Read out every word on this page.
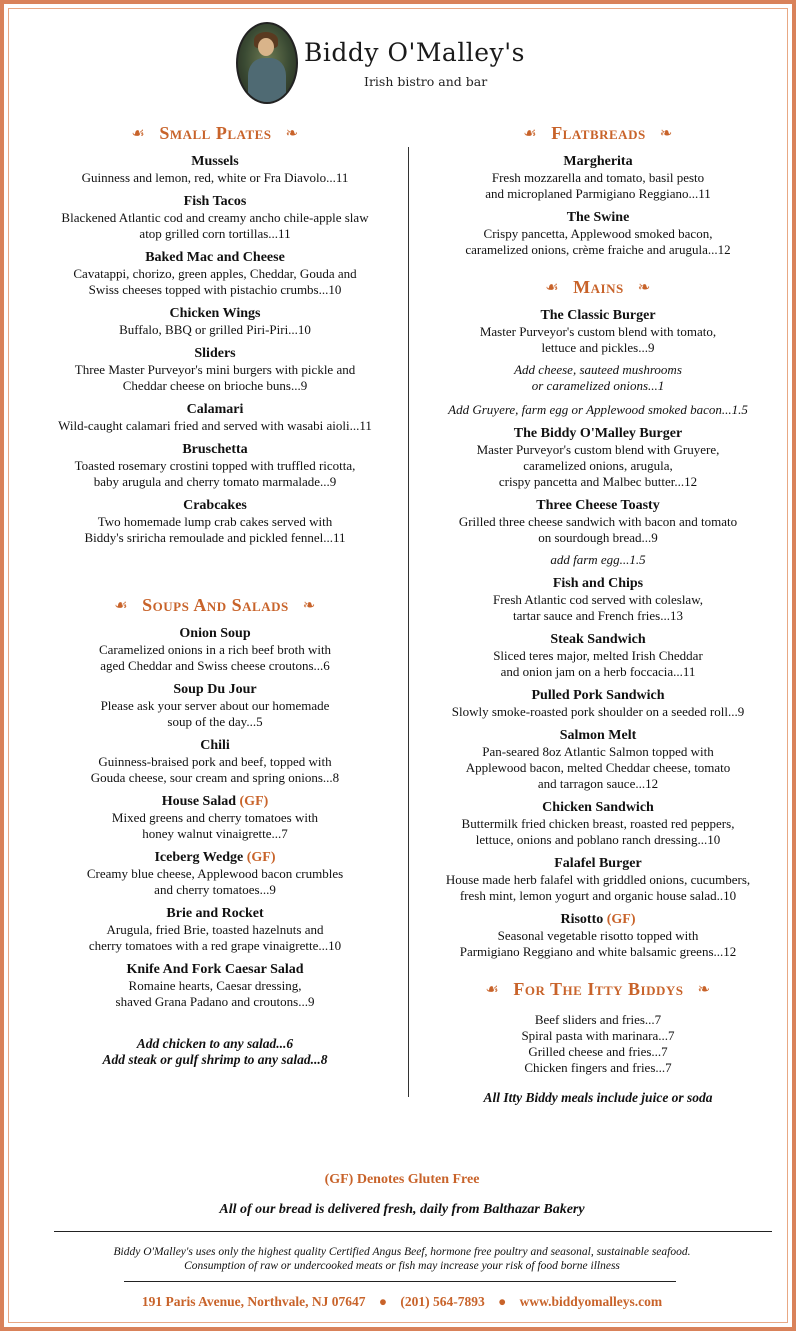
Biddy O'Malley's
Irish bistro and bar
☙ Small Plates ❧
Mussels
Guinness and lemon, red, white or Fra Diavolo...11
Fish Tacos
Blackened Atlantic cod and creamy ancho chile-apple slaw
atop grilled corn tortillas...11
Baked Mac and Cheese
Cavatappi, chorizo, green apples, Cheddar, Gouda and
Swiss cheeses topped with pistachio crumbs...10
Chicken Wings
Buffalo, BBQ or grilled Piri-Piri...10
Sliders
Three Master Purveyor's mini burgers with pickle and
Cheddar cheese on brioche buns...9
Calamari
Wild-caught calamari fried and served with wasabi aioli...11
Bruschetta
Toasted rosemary crostini topped with truffled ricotta,
baby arugula and cherry tomato marmalade...9
Crabcakes
Two homemade lump crab cakes served with
Biddy's sriricha remoulade and pickled fennel...11
☙ Soups And Salads ❧
Onion Soup
Caramelized onions in a rich beef broth with
aged Cheddar and Swiss cheese croutons...6
Soup Du Jour
Please ask your server about our homemade
soup of the day...5
Chili
Guinness-braised pork and beef, topped with
Gouda cheese, sour cream and spring onions...8
House Salad (GF)
Mixed greens and cherry tomatoes with
honey walnut vinaigrette...7
Iceberg Wedge (GF)
Creamy blue cheese, Applewood bacon crumbles
and cherry tomatoes...9
Brie and Rocket
Arugula, fried Brie, toasted hazelnuts and
cherry tomatoes with a red grape vinaigrette...10
Knife And Fork Caesar Salad
Romaine hearts, Caesar dressing,
shaved Grana Padano and croutons...9
Add chicken to any salad...6
Add steak or gulf shrimp to any salad...8
☙ Flatbreads ❧
Margherita
Fresh mozzarella and tomato, basil pesto
and microplaned Parmigiano Reggiano...11
The Swine
Crispy pancetta, Applewood smoked bacon,
caramelized onions, crème fraiche and arugula...12
☙ Mains ❧
The Classic Burger
Master Purveyor's custom blend with tomato,
lettuce and pickles...9
Add cheese, sauteed mushrooms
or caramelized onions...1
Add Gruyere, farm egg or Applewood smoked bacon...1.5
The Biddy O'Malley Burger
Master Purveyor's custom blend with Gruyere,
caramelized onions, arugula,
crispy pancetta and Malbec butter...12
Three Cheese Toasty
Grilled three cheese sandwich with bacon and tomato
on sourdough bread...9
add farm egg...1.5
Fish and Chips
Fresh Atlantic cod served with coleslaw,
tartar sauce and French fries...13
Steak Sandwich
Sliced teres major, melted Irish Cheddar
and onion jam on a herb foccacia...11
Pulled Pork Sandwich
Slowly smoke-roasted pork shoulder on a seeded roll...9
Salmon Melt
Pan-seared 8oz Atlantic Salmon topped with
Applewood bacon, melted Cheddar cheese, tomato
and tarragon sauce...12
Chicken Sandwich
Buttermilk fried chicken breast, roasted red peppers,
lettuce, onions and poblano ranch dressing...10
Falafel Burger
House made herb falafel with griddled onions, cucumbers,
fresh mint, lemon yogurt and organic house salad..10
Risotto (GF)
Seasonal vegetable risotto topped with
Parmigiano Reggiano and white balsamic greens...12
☙ For The Itty Biddys ❧
Beef sliders and fries...7
Spiral pasta with marinara...7
Grilled cheese and fries...7
Chicken fingers and fries...7
All Itty Biddy meals include juice or soda
(GF) Denotes Gluten Free
All of our bread is delivered fresh, daily from Balthazar Bakery
Biddy O'Malley's uses only the highest quality Certified Angus Beef, hormone free poultry and seasonal, sustainable seafood.
Consumption of raw or undercooked meats or fish may increase your risk of food borne illness
191 Paris Avenue, Northvale, NJ 07647 ● (201) 564-7893 ● www.biddyomalleys.com
